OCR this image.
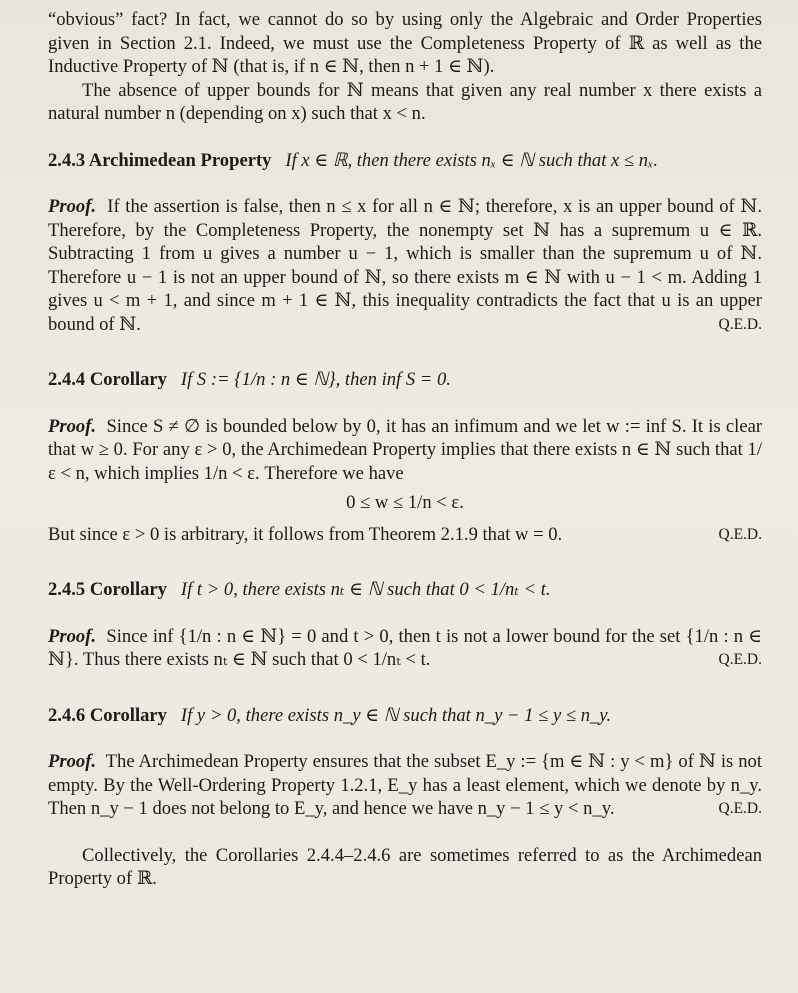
“obvious” fact? In fact, we cannot do so by using only the Algebraic and Order Properties given in Section 2.1. Indeed, we must use the Completeness Property of ℝ as well as the Inductive Property of ℕ (that is, if n ∈ ℕ, then n + 1 ∈ ℕ).

The absence of upper bounds for ℕ means that given any real number x there exists a natural number n (depending on x) such that x < n.

2.4.3 Archimedean Property If x ∈ ℝ, then there exists nₓ ∈ ℕ such that x ≤ nₓ.

Proof. If the assertion is false, then n ≤ x for all n ∈ ℕ; therefore, x is an upper bound of ℕ. Therefore, by the Completeness Property, the nonempty set ℕ has a supremum u ∈ ℝ. Subtracting 1 from u gives a number u − 1, which is smaller than the supremum u of ℕ. Therefore u − 1 is not an upper bound of ℕ, so there exists m ∈ ℕ with u − 1 < m. Adding 1 gives u < m + 1, and since m + 1 ∈ ℕ, this inequality contradicts the fact that u is an upper bound of ℕ.	Q.E.D.

2.4.4 Corollary If S := {1/n : n ∈ ℕ}, then inf S = 0.

Proof. Since S ≠ ∅ is bounded below by 0, it has an infimum and we let w := inf S. It is clear that w ≥ 0. For any ε > 0, the Archimedean Property implies that there exists n ∈ ℕ such that 1/ε < n, which implies 1/n < ε. Therefore we have

0 ≤ w ≤ 1/n < ε.

But since ε > 0 is arbitrary, it follows from Theorem 2.1.9 that w = 0.	Q.E.D.

2.4.5 Corollary If t > 0, there exists nₜ ∈ ℕ such that 0 < 1/nₜ < t.

Proof. Since inf {1/n : n ∈ ℕ} = 0 and t > 0, then t is not a lower bound for the set {1/n : n ∈ ℕ}. Thus there exists nₜ ∈ ℕ such that 0 < 1/nₜ < t.	Q.E.D.

2.4.6 Corollary If y > 0, there exists n_y ∈ ℕ such that n_y − 1 ≤ y ≤ n_y.

Proof. The Archimedean Property ensures that the subset E_y := {m ∈ ℕ : y < m} of ℕ is not empty. By the Well-Ordering Property 1.2.1, E_y has a least element, which we denote by n_y. Then n_y − 1 does not belong to E_y, and hence we have n_y − 1 ≤ y < n_y.	Q.E.D.

Collectively, the Corollaries 2.4.4–2.4.6 are sometimes referred to as the Archimedean Property of ℝ.
